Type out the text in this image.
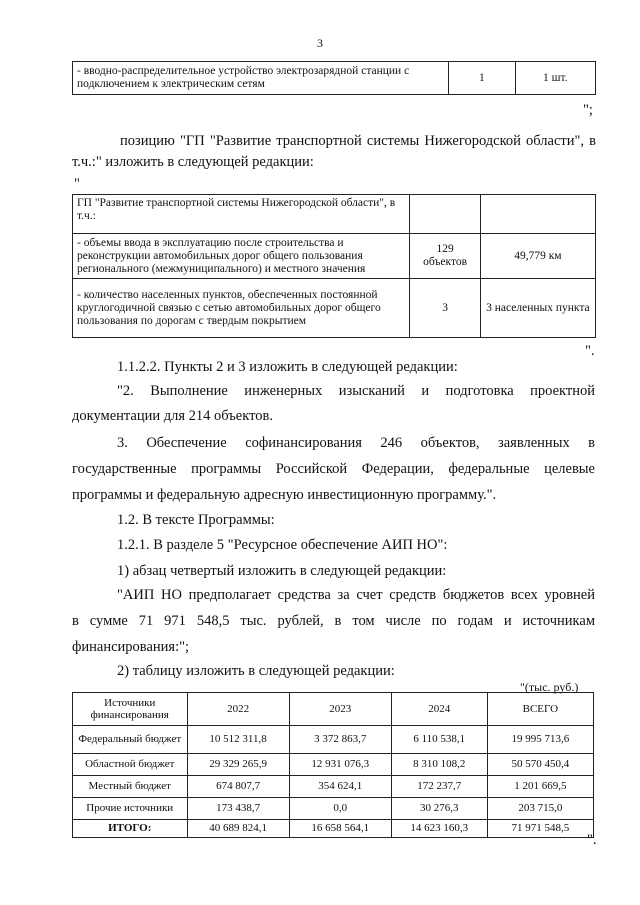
3
- вводно-распределительное устройство электрозарядной станции с подключением к электрическим сетям	1	1 шт.
";
позицию "ГП "Развитие транспортной системы Нижегородской области", в т.ч.:" изложить в следующей редакции:
"
ГП "Развитие транспортной системы Нижегородской области", в т.ч.:		
- объемы ввода в эксплуатацию после строительства и реконструкции автомобильных дорог общего пользования регионального (межмуниципального) и местного значения	129 объектов	49,779 км
- количество населенных пунктов, обеспеченных постоянной круглогодичной связью с сетью автомобильных дорог общего пользования по дорогам с твердым покрытием	3	3 населенных пункта
".
1.1.2.2. Пункты 2 и 3 изложить в следующей редакции:
"2. Выполнение инженерных изысканий и подготовка проектной
документации для 214 объектов.
3. Обеспечение софинансирования 246 объектов, заявленных в
государственные программы Российской Федерации, федеральные целевые
программы и федеральную адресную инвестиционную программу.".
1.2. В тексте Программы:
1.2.1. В разделе 5 "Ресурсное обеспечение АИП НО":
1) абзац четвертый изложить в следующей редакции:
"АИП НО предполагает средства за счет средств бюджетов всех уровней
в сумме 71 971 548,5 тыс. рублей, в том числе по годам и источникам
финансирования:";
2) таблицу изложить в следующей редакции:
"(тыс. руб.)
Источники финансирования	2022	2023	2024	ВСЕГО
Федеральный бюджет	10 512 311,8	3 372 863,7	6 110 538,1	19 995 713,6
Областной бюджет	29 329 265,9	12 931 076,3	8 310 108,2	50 570 450,4
Местный бюджет	674 807,7	354 624,1	172 237,7	1 201 669,5
Прочие источники	173 438,7	0,0	30 276,3	203 715,0
ИТОГО:	40 689 824,1	16 658 564,1	14 623 160,3	71 971 548,5
".
